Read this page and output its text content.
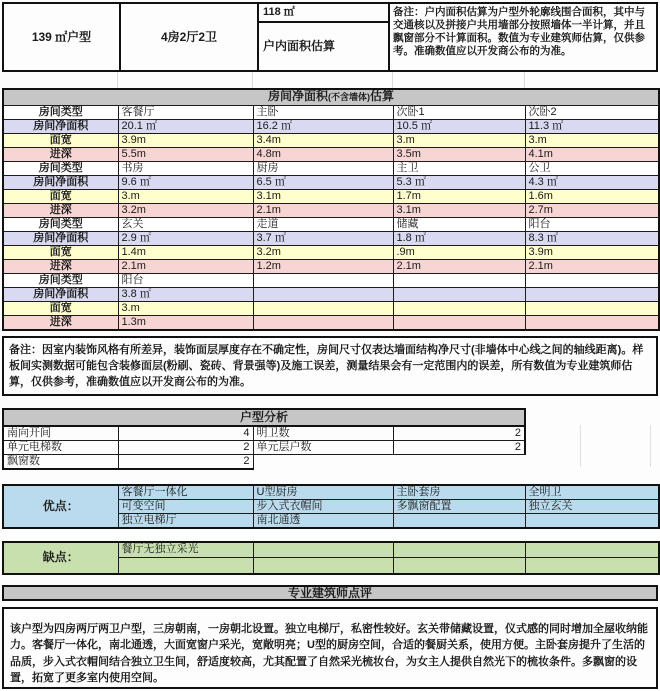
139 ㎡户型	4房2厅2卫	
118 ㎡
户内面积估算
	备注：户内面积估算为户型外轮廓线围合面积，其中与交通核以及拼接户共用墙部分按照墙体一半计算，并且飘窗部分不计算面积。数值为专业建筑师估算，仅供参考。准确数值应以开发商公布的为准。
房间净面积(不含墙体)估算				
房间类型	客餐厅	主卧	次卧1	次卧2
房间净面积	20.1 ㎡	16.2 ㎡	10.5 ㎡	11.3 ㎡
面宽	3.9m	3.4m	3.m	3.m
进深	5.5m	4.8m	3.5m	4.1m
房间类型	书房	厨房	主卫	公卫
房间净面积	9.6 ㎡	6.5 ㎡	5.3 ㎡	4.3 ㎡
面宽	3.m	3.1m	1.7m	1.6m
进深	3.2m	2.1m	3.1m	2.7m
房间类型	玄关	走道	储藏	阳台
房间净面积	2.9 ㎡	3.7 ㎡	1.8 ㎡	8.3 ㎡
面宽	1.4m	3.2m	.9m	3.9m
进深	2.1m	1.2m	2.1m	2.1m
房间类型	阳台			
房间净面积	3.8 ㎡			
面宽	3.m			
进深	1.3m			
备注：因室内装饰风格有所差异，装饰面层厚度存在不确定性，房间尺寸仅表达墙面结构净尺寸(非墙体中心线之间的轴线距离)。样板间实测数据可能包含装修面层(粉刷、瓷砖、背景强等)及施工误差，测量结果会有一定范围内的误差，所有数值为专业建筑师估算，仅供参考，准确数值应以开发商公布的为准。
户型分析			
南向开间	4	明卫数	2
单元电梯数	2	单元层户数	2
飘窗数	2		
优点：	客餐厅一体化	U型厨房	主卧套房	全明卫
	可变空间	步入式衣帽间	多飘窗配置	独立玄关
	独立电梯厅	南北通透		
缺点：	餐厅无独立采光			

专业建筑师点评
该户型为四房两厅两卫户型，三房朝南，一房朝北设置。独立电梯厅，私密性较好。玄关带储藏设置，仪式感的同时增加全屋收纳能力。客餐厅一体化，南北通透，大面宽窗户采光，宽敞明亮；U型的厨房空间，合适的餐厨关系，使用方便。主卧套房提升了生活的品质，步入式衣帽间结合独立卫生间，舒适度较高，尤其配置了自然采光梳妆台，为女主人提供自然光下的梳妆条件。多飘窗的设置，拓宽了更多室内使用空间。
